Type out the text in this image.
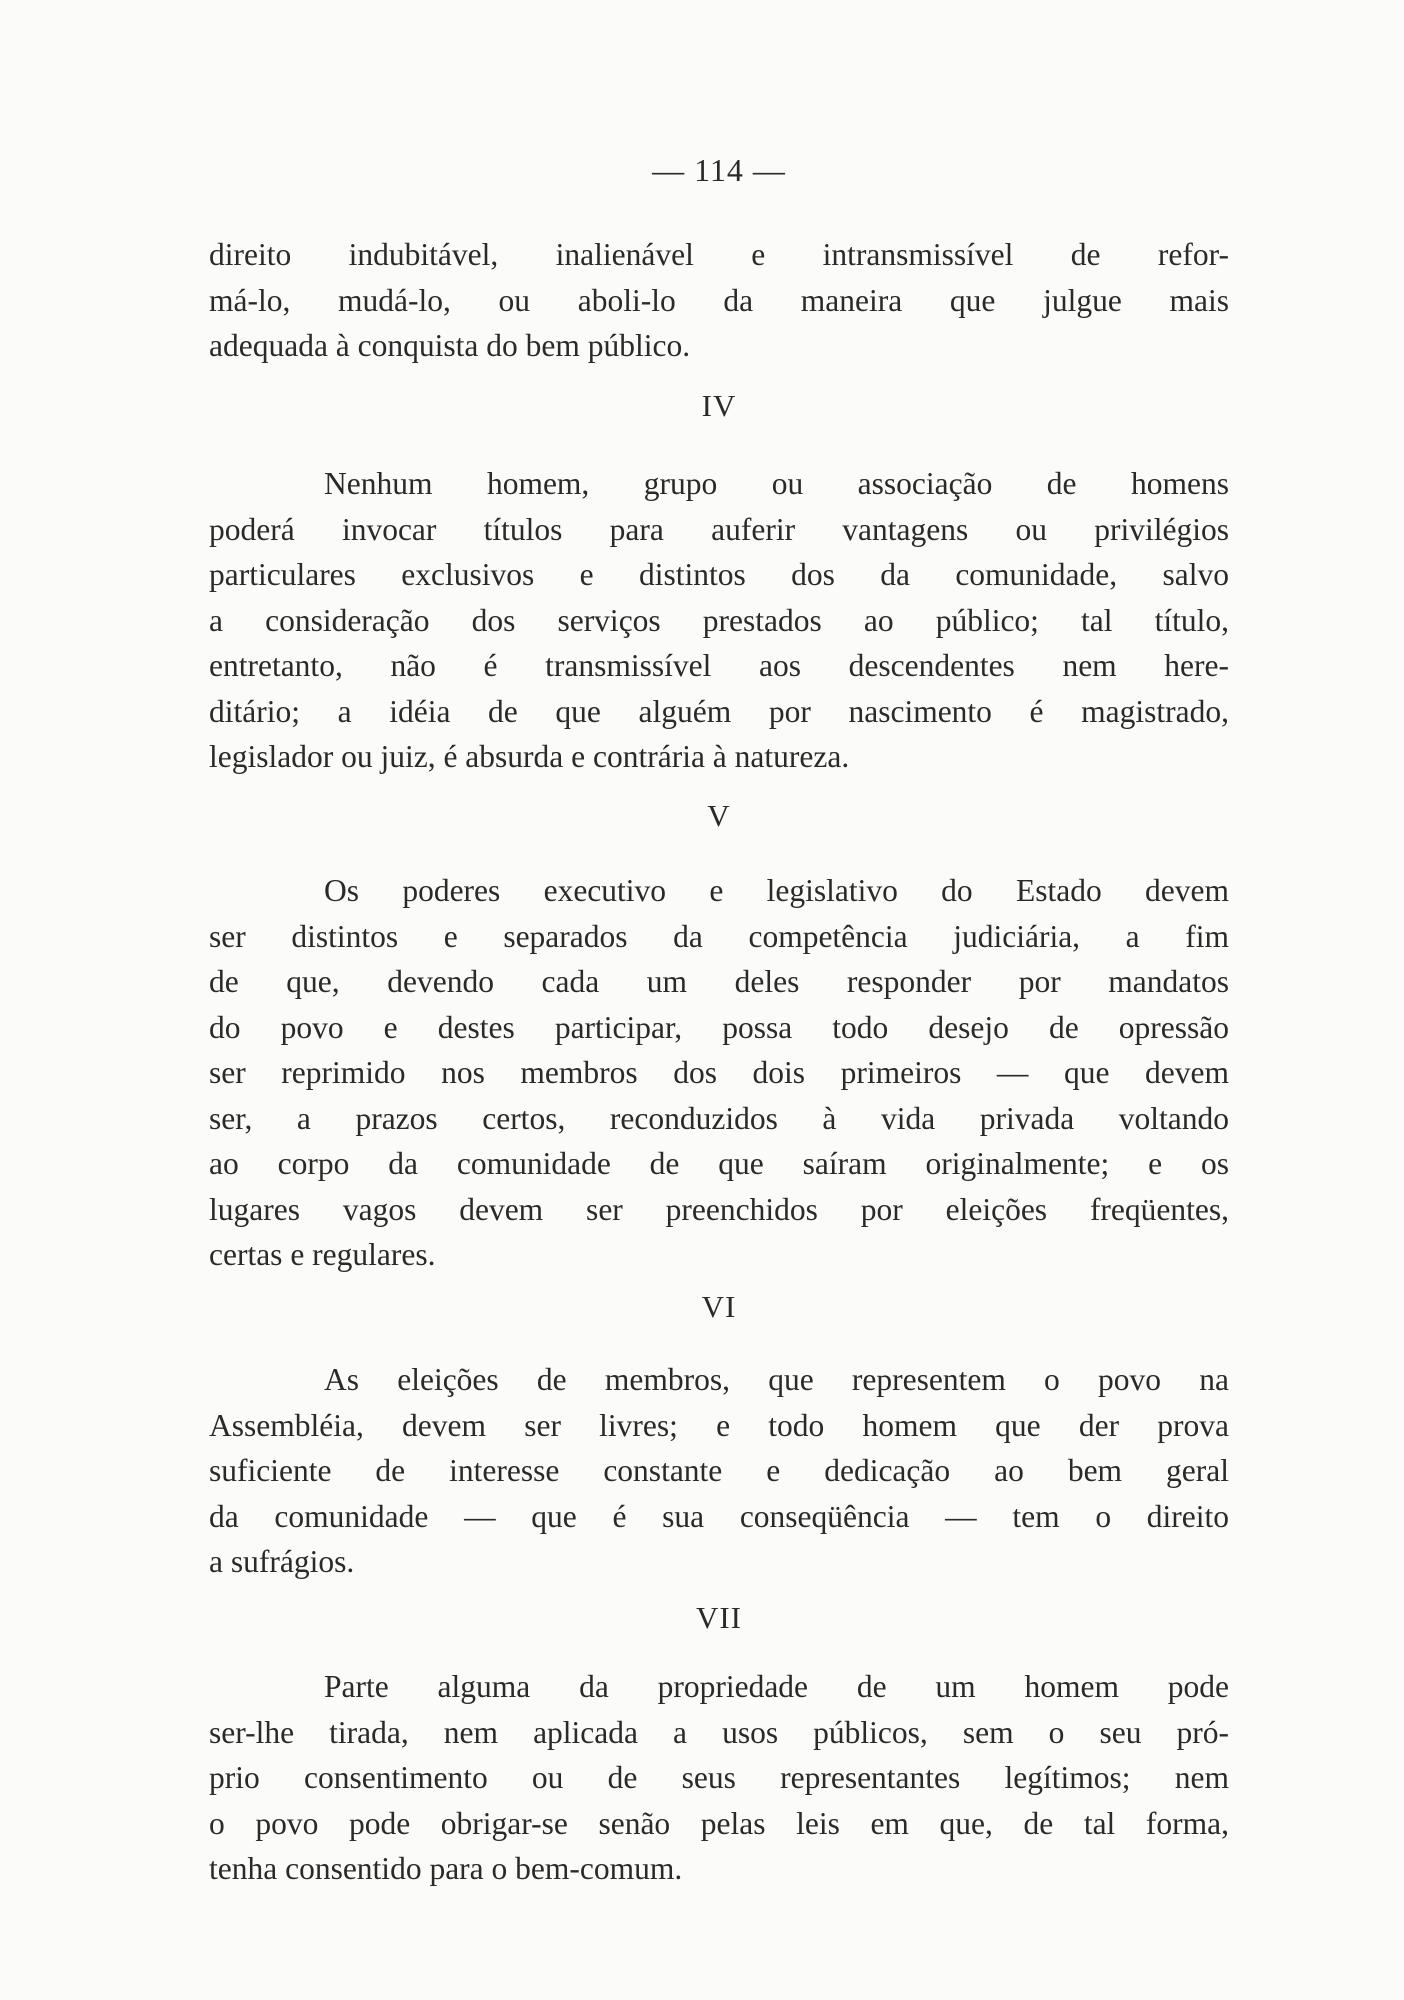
— 114 —
direito indubitável, inalienável e intransmissível de refor-
má-lo, mudá-lo, ou aboli-lo da maneira que julgue mais
adequada à conquista do bem público.
IV
Nenhum homem, grupo ou associação de homens
poderá invocar títulos para auferir vantagens ou privilégios
particulares exclusivos e distintos dos da comunidade, salvo
a consideração dos serviços prestados ao público; tal título,
entretanto, não é transmissível aos descendentes nem here-
ditário; a idéia de que alguém por nascimento é magistrado,
legislador ou juiz, é absurda e contrária à natureza.
V
Os poderes executivo e legislativo do Estado devem
ser distintos e separados da competência judiciária, a fim
de que, devendo cada um deles responder por mandatos
do povo e destes participar, possa todo desejo de opressão
ser reprimido nos membros dos dois primeiros — que devem
ser, a prazos certos, reconduzidos à vida privada voltando
ao corpo da comunidade de que saíram originalmente; e os
lugares vagos devem ser preenchidos por eleições freqüentes,
certas e regulares.
VI
As eleições de membros, que representem o povo na
Assembléia, devem ser livres; e todo homem que der prova
suficiente de interesse constante e dedicação ao bem geral
da comunidade — que é sua conseqüência — tem o direito
a sufrágios.
VII
Parte alguma da propriedade de um homem pode
ser-lhe tirada, nem aplicada a usos públicos, sem o seu pró-
prio consentimento ou de seus representantes legítimos; nem
o povo pode obrigar-se senão pelas leis em que, de tal forma,
tenha consentido para o bem-comum.
